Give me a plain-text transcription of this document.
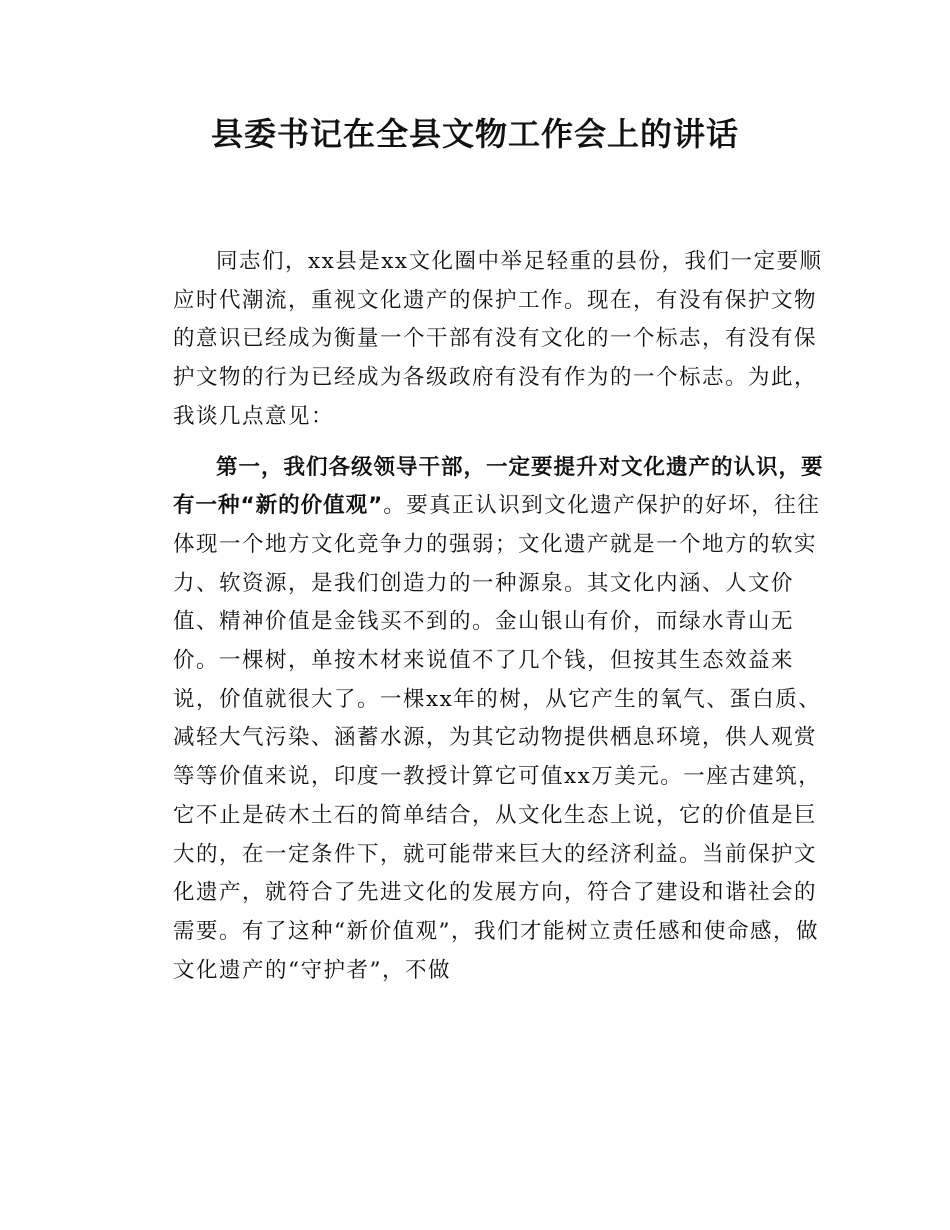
县委书记在全县文物工作会上的讲话

同志们，xx县是xx文化圈中举足轻重的县份，我们一定要顺应时代潮流，重视文化遗产的保护工作。现在，有没有保护文物的意识已经成为衡量一个干部有没有文化的一个标志，有没有保护文物的行为已经成为各级政府有没有作为的一个标志。为此，我谈几点意见：

第一，我们各级领导干部，一定要提升对文化遗产的认识，要有一种“新的价值观”。要真正认识到文化遗产保护的好坏，往往体现一个地方文化竞争力的强弱；文化遗产就是一个地方的软实力、软资源，是我们创造力的一种源泉。其文化内涵、人文价值、精神价值是金钱买不到的。金山银山有价，而绿水青山无价。一棵树，单按木材来说值不了几个钱，但按其生态效益来说，价值就很大了。一棵xx年的树，从它产生的氧气、蛋白质、减轻大气污染、涵蓄水源，为其它动物提供栖息环境，供人观赏等等价值来说，印度一教授计算它可值xx万美元。一座古建筑，它不止是砖木土石的简单结合，从文化生态上说，它的价值是巨大的，在一定条件下，就可能带来巨大的经济利益。当前保护文化遗产，就符合了先进文化的发展方向，符合了建设和谐社会的需要。有了这种“新价值观”，我们才能树立责任感和使命感，做文化遗产的“守护者”，不做
